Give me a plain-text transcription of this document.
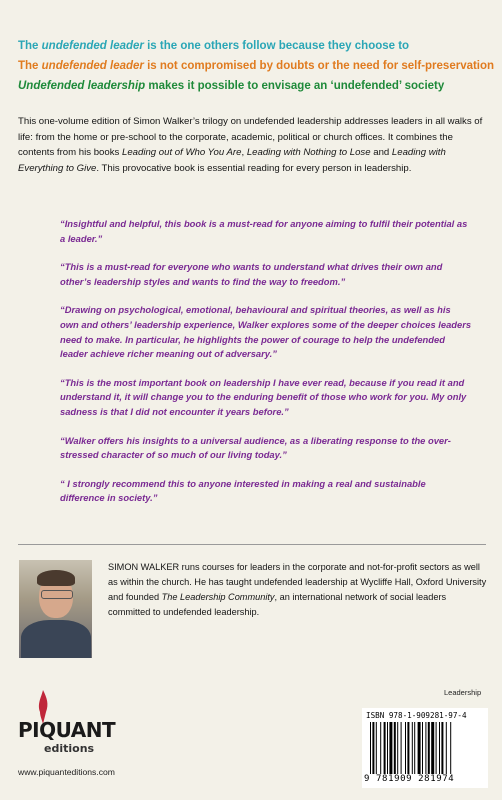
The undefended leader is the one others follow because they choose to
The undefended leader is not compromised by doubts or the need for self-preservation
Undefended leadership makes it possible to envisage an ‘undefended’ society
This one-volume edition of Simon Walker’s trilogy on undefended leadership addresses leaders in all walks of life: from the home or pre-school to the corporate, academic, political or church offices. It combines the contents from his books Leading out of Who You Are, Leading with Nothing to Lose and Leading with Everything to Give. This provocative book is essential reading for every person in leadership.
“Insightful and helpful, this book is a must-read for anyone aiming to fulfil their potential as a leader.”
“This is a must-read for everyone who wants to understand what drives their own and other’s leadership styles and wants to find the way to freedom.”
“Drawing on psychological, emotional, behavioural and spiritual theories, as well as his own and others’ leadership experience, Walker explores some of the deeper choices leaders need to make. In particular, he highlights the power of courage to help the undefended leader achieve richer meaning out of adversary.”
“This is the most important book on leadership I have ever read, because if you read it and understand it, it will change you to the enduring benefit of those who work for you. My only sadness is that I did not encounter it years before.”
“Walker offers his insights to a universal audience, as a liberating response to the over-stressed character of so much of our living today.”
“ I strongly recommend this to anyone interested in making a real and sustainable difference in society.”
SIMON WALKER runs courses for leaders in the corporate and not-for-profit sectors as well as within the church. He has taught undefended leadership at Wycliffe Hall, Oxford University and founded The Leadership Community, an international network of social leaders committed to undefended leadership.
Leadership
ISBN 978-1-909281-97-4
9 781909 281974
PIQUANT
editions
www.piquanteditions.com
